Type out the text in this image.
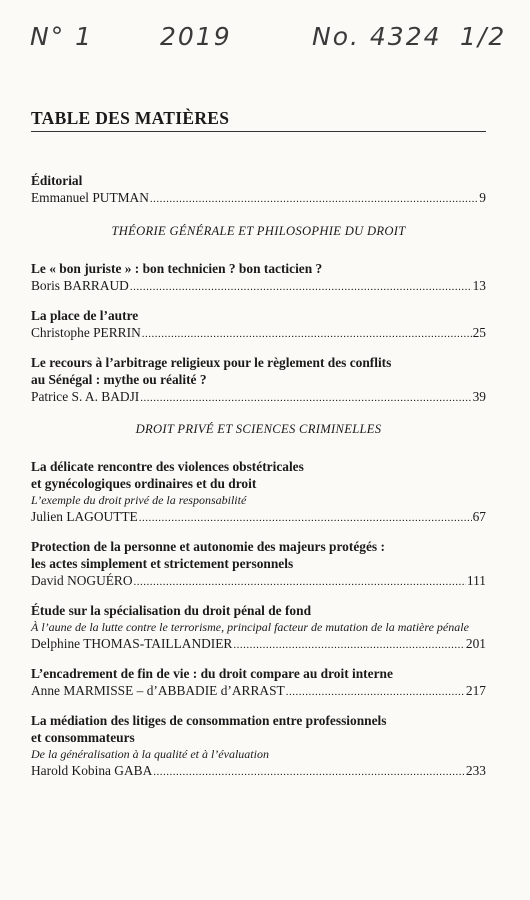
N° 1	2019	No. 4324 1/2
TABLE DES MATIÈRES
Éditorial
Emmanuel PUTMAN .....	9
THÉORIE GÉNÉRALE ET PHILOSOPHIE DU DROIT
Le « bon juriste » : bon technicien ? bon tacticien ?
Boris BARRAUD .....	13
La place de l’autre
Christophe PERRIN .....	25
Le recours à l’arbitrage religieux pour le règlement des conflits
au Sénégal : mythe ou réalité ?
Patrice S. A. BADJI .....	39
DROIT PRIVÉ ET SCIENCES CRIMINELLES
La délicate rencontre des violences obstétricales
et gynécologiques ordinaires et du droit
L’exemple du droit privé de la responsabilité
Julien LAGOUTTE .....	67
Protection de la personne et autonomie des majeurs protégés :
les actes simplement et strictement personnels
David NOGUÉRO .....	111
Étude sur la spécialisation du droit pénal de fond
À l’aune de la lutte contre le terrorisme, principal facteur de mutation de la matière pénale
Delphine THOMAS-TAILLANDIER .....	201
L’encadrement de fin de vie : du droit compare au droit interne
Anne MARMISSE – d’ABBADIE d’ARRAST .....	217
La médiation des litiges de consommation entre professionnels
et consommateurs
De la généralisation à la qualité et à l’évaluation
Harold Kobina GABA .....	233
